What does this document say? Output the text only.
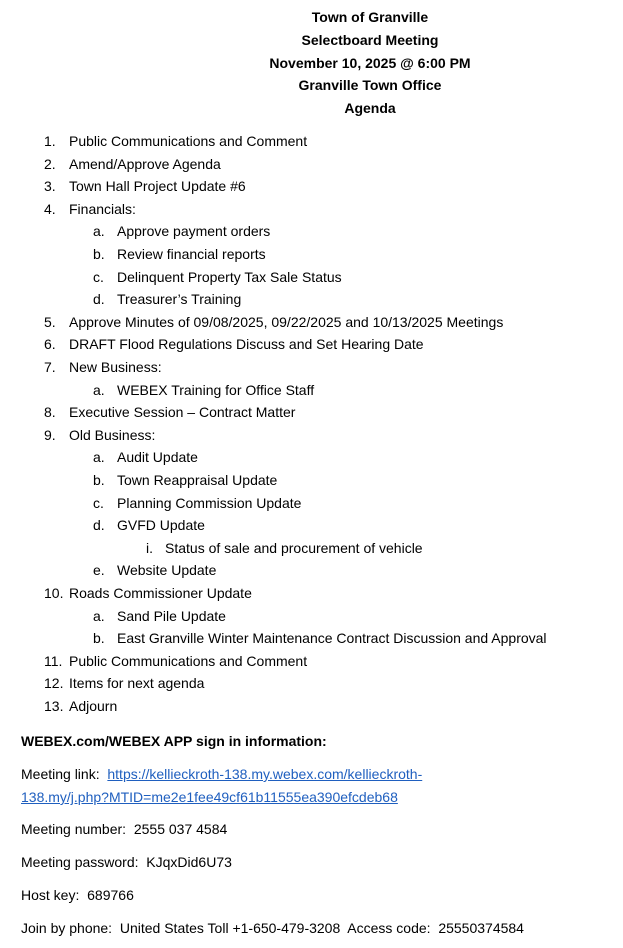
Town of Granville
Selectboard Meeting
November 10, 2025 @ 6:00 PM
Granville Town Office
Agenda
1. Public Communications and Comment
2. Amend/Approve Agenda
3. Town Hall Project Update #6
4. Financials:
a. Approve payment orders
b. Review financial reports
c. Delinquent Property Tax Sale Status
d. Treasurer’s Training
5. Approve Minutes of 09/08/2025, 09/22/2025 and 10/13/2025 Meetings
6. DRAFT Flood Regulations Discuss and Set Hearing Date
7. New Business:
a. WEBEX Training for Office Staff
8. Executive Session – Contract Matter
9. Old Business:
a. Audit Update
b. Town Reappraisal Update
c. Planning Commission Update
d. GVFD Update
i. Status of sale and procurement of vehicle
e. Website Update
10. Roads Commissioner Update
a. Sand Pile Update
b. East Granville Winter Maintenance Contract Discussion and Approval
11. Public Communications and Comment
12. Items for next agenda
13. Adjourn
WEBEX.com/WEBEX APP sign in information:
Meeting link: https://kellieckroth-138.my.webex.com/kellieckroth-
138.my/j.php?MTID=me2e1fee49cf61b11555ea390efcdeb68
Meeting number: 2555 037 4584
Meeting password: KJqxDid6U73
Host key: 689766
Join by phone: United States Toll +1-650-479-3208 Access code: 25550374584
